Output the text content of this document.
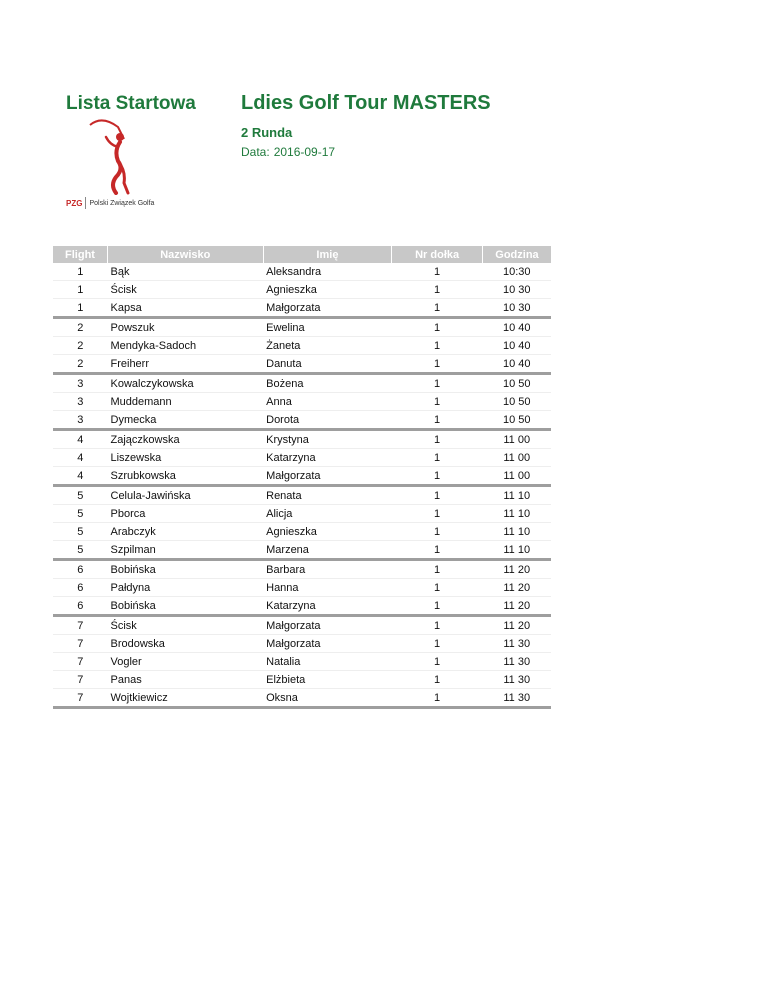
Lista Startowa Ldies Golf Tour MASTERS
2 Runda
Data: 2016-09-17
PZG Polski Związek Golfa
Flight	Nazwisko	Imię	Nr dołka	Godzina
1	Bąk	Aleksandra	1	10:30
1	Ścisk	Agnieszka	1	10 30
1	Kapsa	Małgorzata	1	10 30
2	Powszuk	Ewelina	1	10 40
2	Mendyka-Sadoch	Żaneta	1	10 40
2	Freiherr	Danuta	1	10 40
3	Kowalczykowska	Bożena	1	10 50
3	Muddemann	Anna	1	10 50
3	Dymecka	Dorota	1	10 50
4	Zajączkowska	Krystyna	1	11 00
4	Liszewska	Katarzyna	1	11 00
4	Szrubkowska	Małgorzata	1	11 00
5	Celula-Jawińska	Renata	1	11 10
5	Pborca	Alicja	1	11 10
5	Arabczyk	Agnieszka	1	11 10
5	Szpilman	Marzena	1	11 10
6	Bobińska	Barbara	1	11 20
6	Pałdyna	Hanna	1	11 20
6	Bobińska	Katarzyna	1	11 20
7	Ścisk	Małgorzata	1	11 20
7	Brodowska	Małgorzata	1	11 30
7	Vogler	Natalia	1	11 30
7	Panas	Elżbieta	1	11 30
7	Wojtkiewicz	Oksna	1	11 30
